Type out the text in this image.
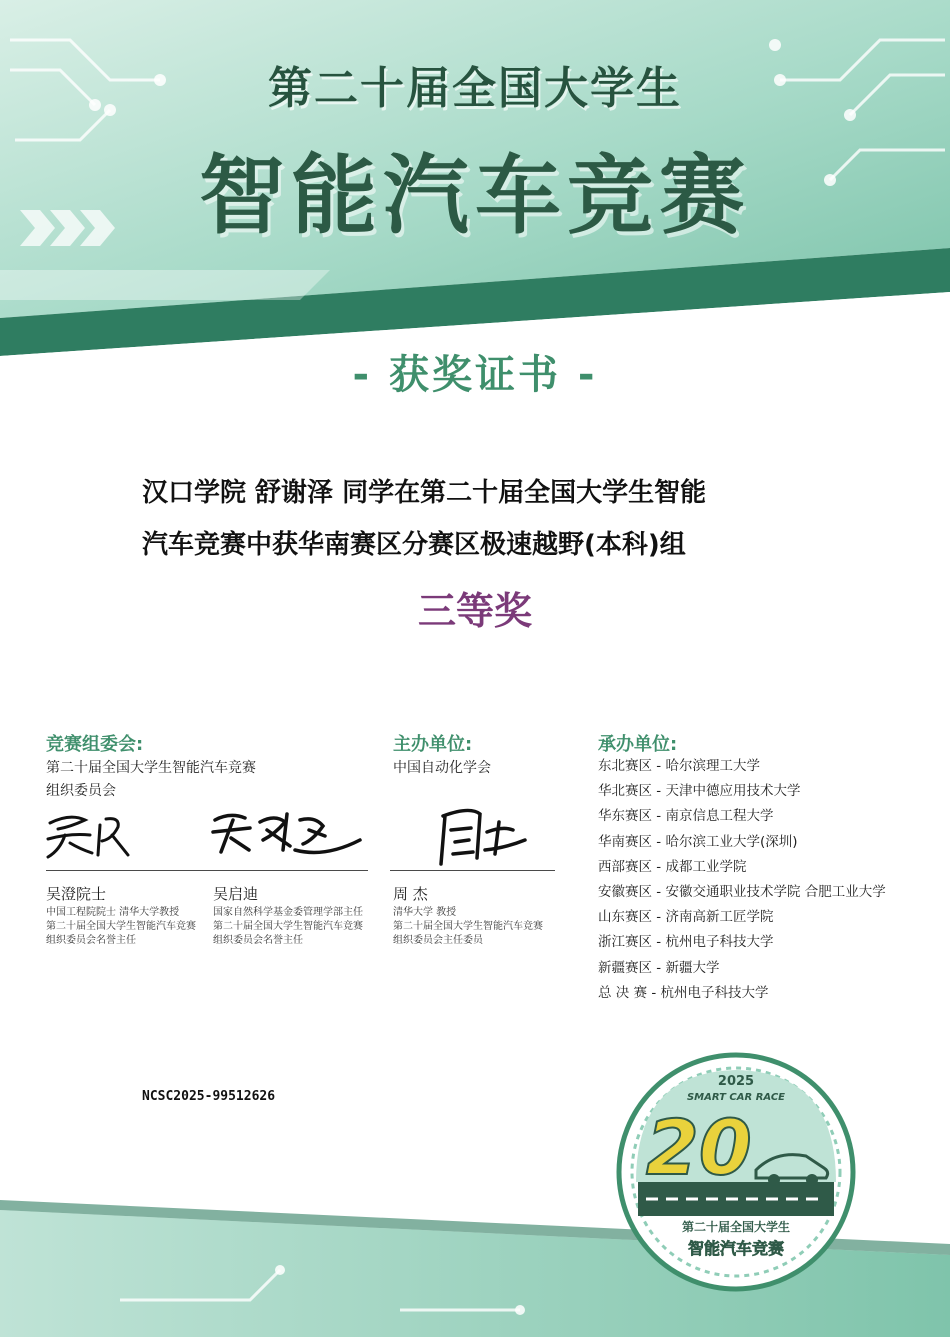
第二十届全国大学生
智能汽车竞赛
- 获奖证书 -
汉口学院 舒谢泽 同学在第二十届全国大学生智能
汽车竞赛中获华南赛区分赛区极速越野(本科)组
三等奖
竞赛组委会:
第二十届全国大学生智能汽车竞赛
组织委员会
吴澄院士
中国工程院院士 清华大学教授
第二十届全国大学生智能汽车竞赛
组织委员会名誉主任
吴启迪
国家自然科学基金委管理学部主任
第二十届全国大学生智能汽车竞赛
组织委员会名誉主任
主办单位:
中国自动化学会
周 杰
清华大学 教授
第二十届全国大学生智能汽车竞赛
组织委员会主任委员
承办单位:
东北赛区 - 哈尔滨理工大学
华北赛区 - 天津中德应用技术大学
华东赛区 - 南京信息工程大学
华南赛区 - 哈尔滨工业大学(深圳)
西部赛区 - 成都工业学院
安徽赛区 - 安徽交通职业技术学院 合肥工业大学
山东赛区 - 济南高新工匠学院
浙江赛区 - 杭州电子科技大学
新疆赛区 - 新疆大学
总 决 赛 - 杭州电子科技大学
NCSC2025-99512626
2025
SMART CAR RACE
20
第二十届全国大学生
智能汽车竞赛
